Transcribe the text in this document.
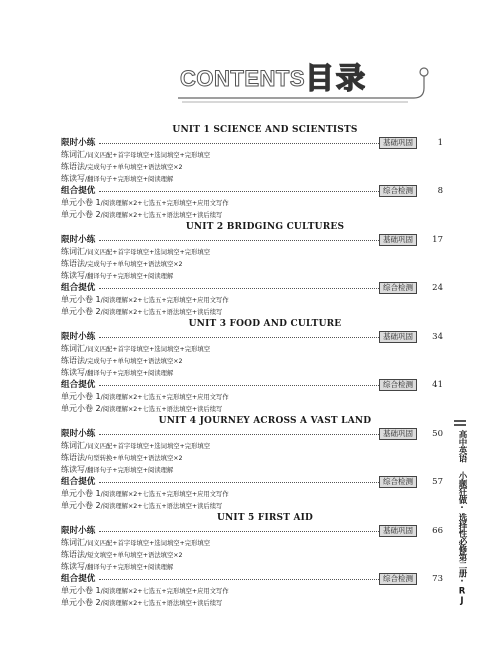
CONTENTS 目录
UNIT 1 SCIENCE AND SCIENTISTS
限时小练	基础巩固	1
练词汇/词义匹配+首字母填空+选词填空+完形填空
练语法/完成句子+单句填空+语法填空×2
练读写/翻译句子+完形填空+阅读理解
组合提优	综合检测	8
单元小卷 1/阅读理解×2+七选五+完形填空+应用文写作
单元小卷 2/阅读理解×2+七选五+语法填空+读后续写
UNIT 2 BRIDGING CULTURES
限时小练	基础巩固	17
练词汇/词义匹配+首字母填空+选词填空+完形填空
练语法/完成句子+单句填空+语法填空×2
练读写/翻译句子+完形填空+阅读理解
组合提优	综合检测	24
单元小卷 1/阅读理解×2+七选五+完形填空+应用文写作
单元小卷 2/阅读理解×2+七选五+语法填空+读后续写
UNIT 3 FOOD AND CULTURE
限时小练	基础巩固	34
练词汇/词义匹配+首字母填空+选词填空+完形填空
练语法/完成句子+单句填空+语法填空×2
练读写/翻译句子+完形填空+阅读理解
组合提优	综合检测	41
单元小卷 1/阅读理解×2+七选五+完形填空+应用文写作
单元小卷 2/阅读理解×2+七选五+语法填空+读后续写
UNIT 4 JOURNEY ACROSS A VAST LAND
限时小练	基础巩固	50
练词汇/词义匹配+首字母填空+选词填空+完形填空
练语法/句型转换+单句填空+语法填空×2
练读写/翻译句子+完形填空+阅读理解
组合提优	综合检测	57
单元小卷 1/阅读理解×2+七选五+完形填空+应用文写作
单元小卷 2/阅读理解×2+七选五+语法填空+读后续写
UNIT 5 FIRST AID
限时小练	基础巩固	66
练词汇/词义匹配+首字母填空+选词填空+完形填空
练语法/短文填空+单句填空+语法填空×2
练读写/翻译句子+完形填空+阅读理解
组合提优	综合检测	73
单元小卷 1/阅读理解×2+七选五+完形填空+应用文写作
单元小卷 2/阅读理解×2+七选五+语法填空+读后续写	高中英语 小题狂做·选择性必修第二册·RJ
